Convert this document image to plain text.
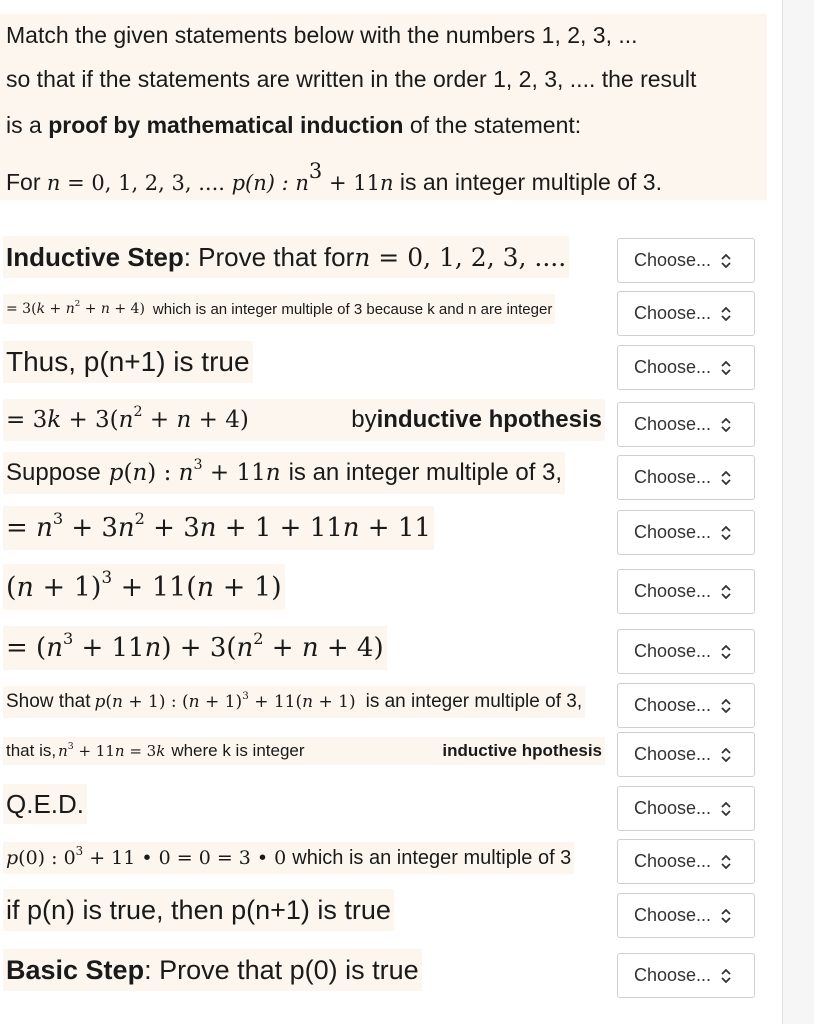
Match the given statements below with the numbers 1, 2, 3, ...
so that if the statements are written in the order 1, 2, 3, .... the result
is a proof by mathematical induction of the statement:
For n = 0, 1, 2, 3, .... p(n) : $n^3 + 11n$ is an integer multiple of 3.
Inductive Step : Prove that for n = 0, 1, 2, 3, ....
= $3(k + n^2 + n + 4)$ which is an integer multiple of 3 because k and n are integer
Thus, p(n+1) is true
= $3k + 3(n^2 + n + 4)$	by inductive hpothesis
Suppose p(n) : $n^3 + 11n$ is an integer multiple of 3,
= $n^3 + 3n^2 + 3n + 1 + 11n + 11$
$(n + 1)^3 + 11(n + 1)$
= $(n^3 + 11n) + 3(n^2 + n + 4)$
Show that p(n + 1) : $(n + 1)^3 + 11(n + 1)$ is an integer multiple of 3,
that is, $n^3 + 11n = 3k$ where k is integer	inductive hpothesis
Q.E.D.
p(0) : $0^3 + 11$ • 0 = 0 = 3 • 0 which is an integer multiple of 3
if p(n) is true, then p(n+1) is true
Basic Step : Prove that p(0) is true
Choose...
Choose...
Choose...
Choose...
Choose...
Choose...
Choose...
Choose...
Choose...
Choose...
Choose...
Choose...
Choose...
Choose...
